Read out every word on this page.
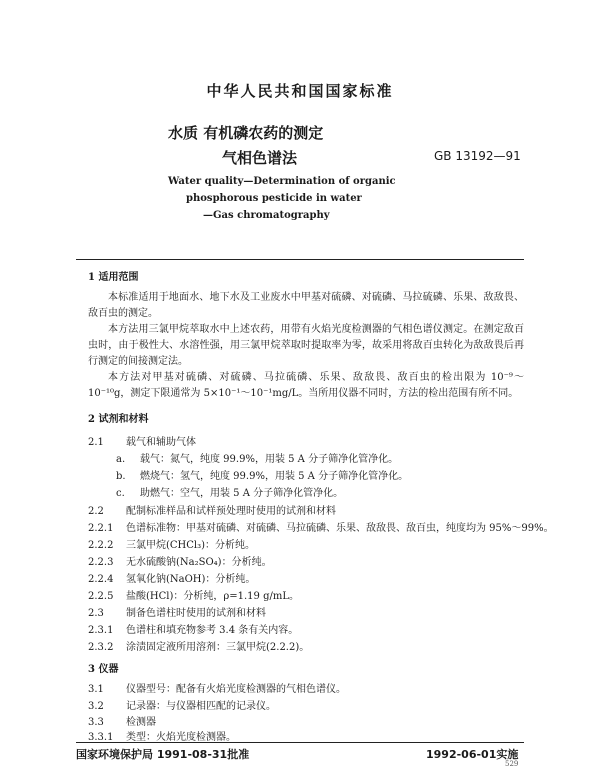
中华人民共和国国家标准
水质 有机磷农药的测定
气相色谱法	GB 13192—91
Water quality—Determination of organic
phosphorous pesticide in water
—Gas chromatography
1 适用范围
本标准适用于地面水、地下水及工业废水中甲基对硫磷、对硫磷、马拉硫磷、乐果、敌敌畏、敌百虫的测定。
本方法用三氯甲烷萃取水中上述农药，用带有火焰光度检测器的气相色谱仪测定。在测定敌百虫时，由于极性大、水溶性强，用三氯甲烷萃取时提取率为零，故采用将敌百虫转化为敌敌畏后再行测定的间接测定法。
本方法对甲基对硫磷、对硫磷、马拉硫磷、乐果、敌敌畏、敌百虫的检出限为 10⁻⁹～10⁻¹⁰g，测定下限通常为 5×10⁻¹～10⁻¹mg/L。当所用仪器不同时，方法的检出范围有所不同。
2 试剂和材料
2.1 载气和辅助气体
a. 载气：氮气，纯度 99.9%，用装 5 A 分子筛净化管净化。
b. 燃烧气：氢气，纯度 99.9%，用装 5 A 分子筛净化管净化。
c. 助燃气：空气，用装 5 A 分子筛净化管净化。
2.2 配制标准样品和试样预处理时使用的试剂和材料
2.2.1 色谱标准物：甲基对硫磷、对硫磷、马拉硫磷、乐果、敌敌畏、敌百虫，纯度均为 95%～99%。
2.2.2 三氯甲烷(CHCl₃)：分析纯。
2.2.3 无水硫酸钠(Na₂SO₄)：分析纯。
2.2.4 氢氧化钠(NaOH)：分析纯。
2.2.5 盐酸(HCl)：分析纯，ρ=1.19 g/mL。
2.3 制备色谱柱时使用的试剂和材料
2.3.1 色谱柱和填充物参考 3.4 条有关内容。
2.3.2 涂渍固定液所用溶剂：三氯甲烷(2.2.2)。
3 仪器
3.1 仪器型号：配备有火焰光度检测器的气相色谱仪。
3.2 记录器：与仪器相匹配的记录仪。
3.3 检测器
3.3.1 类型：火焰光度检测器。
国家环境保护局 1991-08-31批准	1992-06-01实施
529
